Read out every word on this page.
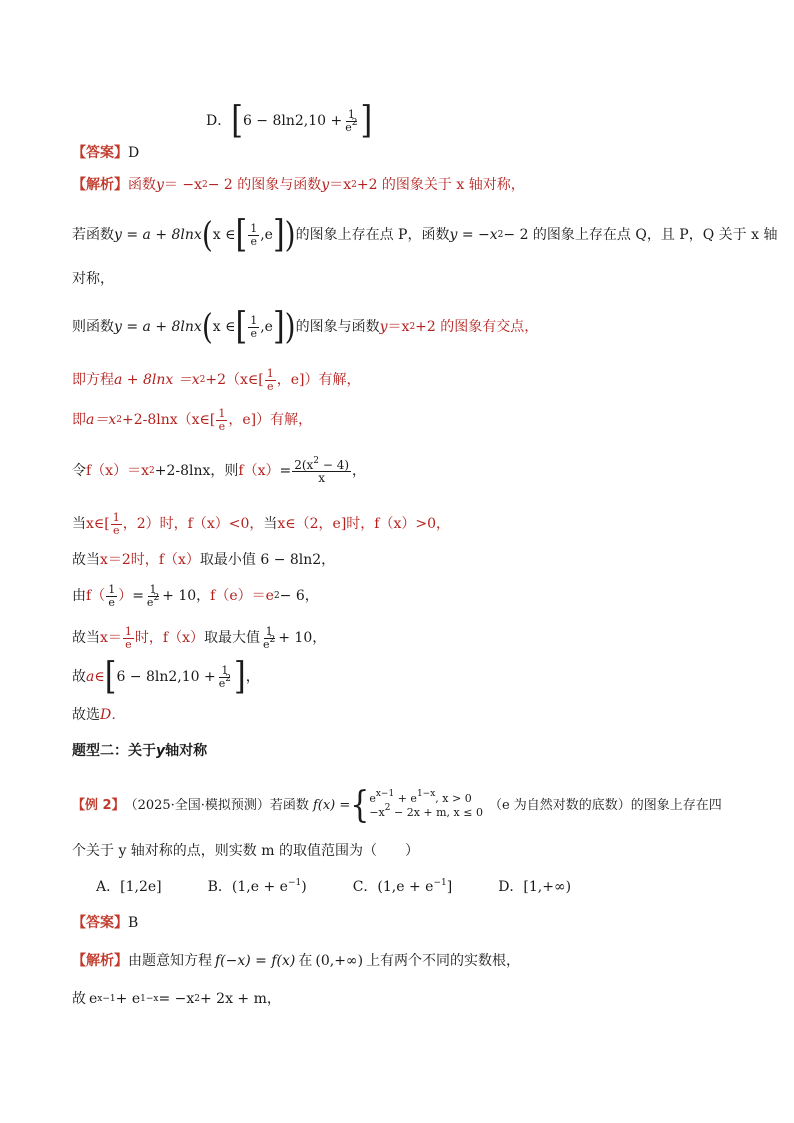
D． [ $6 - 8\ln 2,10 + \frac{1}{e^2}$ ]
【答案】 D
【解析】 函数 y ＝ −x 2 − 2 的图象与函数 y ＝x 2 +2 的图象关于 x 轴对称，
若函数 y = a + 8lnx ( x ∈ [ $\frac{1}{e} ,e$ ] ) 的图象上存在点 P，函数 y = −x 2 − 2 的图象上存在点 Q，且 P，Q 关于 x 轴
对称，
则函数 y = a + 8lnx ( x ∈ [ $\frac{1}{e} ,e$ ] ) 的图象与函数 y ＝x 2 +2 的图象有交点，
即方程 a + 8lnx ＝x 2 +2（x∈[ $\frac{1}{e}$ ，e]）有解，
即 a＝x 2 +2-8lnx（x∈[ $\frac{1}{e}$ ，e]）有解，
令 f（x）＝x 2 +2-8lnx，则 $f(x) = \frac{2(x^2 - 4)}{x}$ ，
当 x∈[ $\frac{1}{e}$ ，2）时， f（x）<0， 当 x∈（2，e]时， f（x）>0，
故当 x＝2时， f（x） 取最小值 6 − 8ln2，
由 $f( \frac{1}{e}$ ） = $\frac{1}{e^2} + 10$， f（e）＝e 2 − 6，
故当 $x= \frac{1}{e}$ 时， f（x） 取最大值 $\frac{1}{e^2} + 10$，
故 a∈ [ $6 - 8\ln 2,10 + \frac{1}{e^2}$ ] ，
故选 D．
题型二：关于 y 轴对称
【例 2】 （2025·全国·模拟预测）若函数 f(x) = { $e^{x-1} + e^{1-x}$, x > 0
$-x^2 - 2x + m$, x ≤ 0 （e 为自然对数的底数）的图象上存在四
个关于 y 轴对称的点，则实数 m 的取值范围为（　　）
A．[1,2e]	B．$(1,e + e^{-1})$	C．$(1,e + e^{-1}]$	D．[1,+∞)
【答案】 B
【解析】 由题意知方程 f(−x) = f(x) 在 (0,+∞) 上有两个不同的实数根，
故 e x−1 + e 1−x = −x 2 + 2x + m，
